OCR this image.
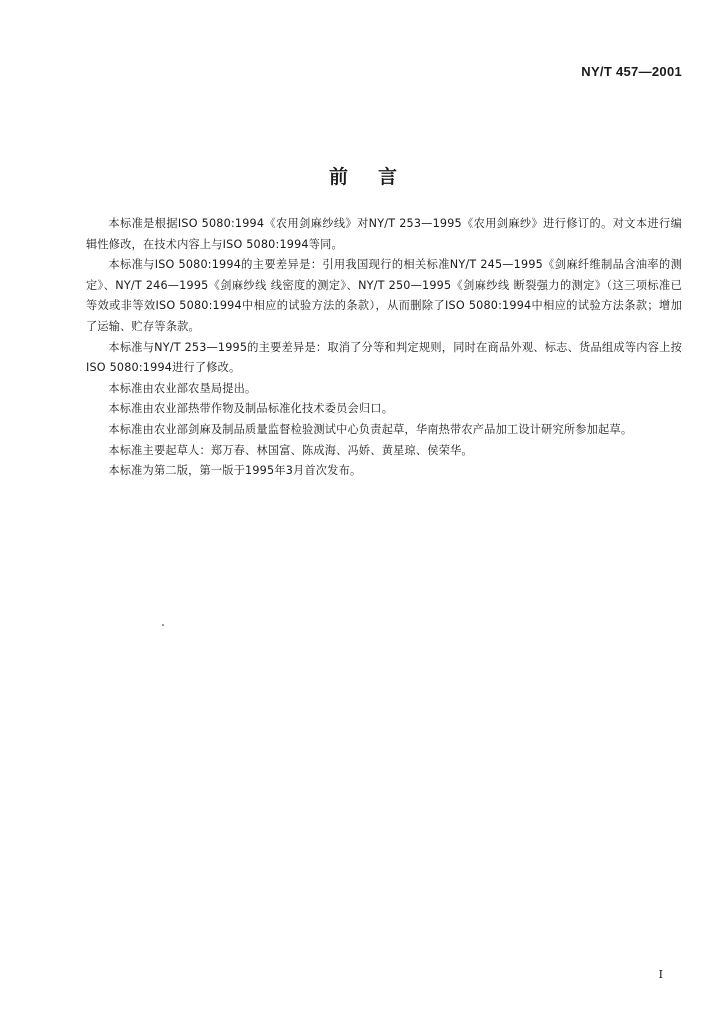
NY/T 457—2001
前言

本标准是根据ISO 5080:1994《农用剑麻纱线》对NY/T 253—1995《农用剑麻纱》进行修订的。对文本进行编辑性修改，在技术内容上与ISO 5080:1994等同。

本标准与ISO 5080:1994的主要差异是：引用我国现行的相关标准NY/T 245—1995《剑麻纤维制品含油率的测定》、NY/T 246—1995《剑麻纱线 线密度的测定》、NY/T 250—1995《剑麻纱线 断裂强力的测定》（这三项标准已等效或非等效ISO 5080:1994中相应的试验方法的条款），从而删除了ISO 5080:1994中相应的试验方法条款；增加了运输、贮存等条款。

本标准与NY/T 253—1995的主要差异是：取消了分等和判定规则，同时在商品外观、标志、货品组成等内容上按ISO 5080:1994进行了修改。

本标准由农业部农垦局提出。

本标准由农业部热带作物及制品标准化技术委员会归口。

本标准由农业部剑麻及制品质量监督检验测试中心负责起草，华南热带农产品加工设计研究所参加起草。

本标准主要起草人：郑万春、林国富、陈成海、冯娇、黄星琼、侯荣华。

本标准为第二版，第一版于1995年3月首次发布。

I
